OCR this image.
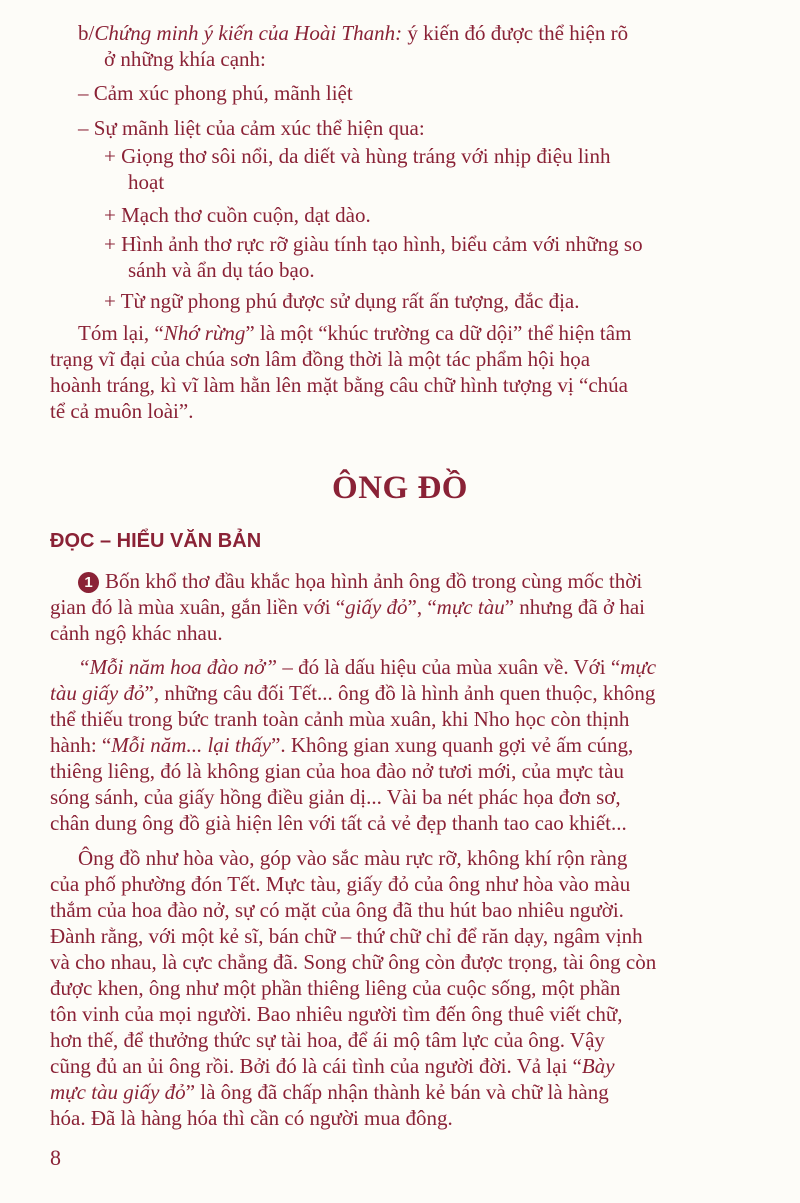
b/Chứng minh ý kiến của Hoài Thanh: ý kiến đó được thể hiện rõ
ở những khía cạnh:
– Cảm xúc phong phú, mãnh liệt
– Sự mãnh liệt của cảm xúc thể hiện qua:
+ Giọng thơ sôi nổi, da diết và hùng tráng với nhịp điệu linh
hoạt
+ Mạch thơ cuồn cuộn, dạt dào.
+ Hình ảnh thơ rực rỡ giàu tính tạo hình, biểu cảm với những so
sánh và ẩn dụ táo bạo.
+ Từ ngữ phong phú được sử dụng rất ấn tượng, đắc địa.
Tóm lại, “Nhớ rừng” là một “khúc trường ca dữ dội” thể hiện tâm
trạng vĩ đại của chúa sơn lâm đồng thời là một tác phẩm hội họa
hoành tráng, kì vĩ làm hằn lên mặt bằng câu chữ hình tượng vị “chúa
tể cả muôn loài”.
ÔNG ĐỒ
ĐỌC – HIỂU VĂN BẢN
1 Bốn khổ thơ đầu khắc họa hình ảnh ông đồ trong cùng mốc thời
gian đó là mùa xuân, gắn liền với “giấy đỏ”, “mực tàu” nhưng đã ở hai
cảnh ngộ khác nhau.
“Mỗi năm hoa đào nở” – đó là dấu hiệu của mùa xuân về. Với “mực
tàu giấy đỏ”, những câu đối Tết... ông đồ là hình ảnh quen thuộc, không
thể thiếu trong bức tranh toàn cảnh mùa xuân, khi Nho học còn thịnh
hành: “Mỗi năm... lại thấy”. Không gian xung quanh gợi vẻ ấm cúng,
thiêng liêng, đó là không gian của hoa đào nở tươi mới, của mực tàu
sóng sánh, của giấy hồng điều giản dị... Vài ba nét phác họa đơn sơ,
chân dung ông đồ già hiện lên với tất cả vẻ đẹp thanh tao cao khiết...
Ông đồ như hòa vào, góp vào sắc màu rực rỡ, không khí rộn ràng
của phố phường đón Tết. Mực tàu, giấy đỏ của ông như hòa vào màu
thắm của hoa đào nở, sự có mặt của ông đã thu hút bao nhiêu người.
Đành rằng, với một kẻ sĩ, bán chữ – thứ chữ chỉ để răn dạy, ngâm vịnh
và cho nhau, là cực chẳng đã. Song chữ ông còn được trọng, tài ông còn
được khen, ông như một phần thiêng liêng của cuộc sống, một phần
tôn vinh của mọi người. Bao nhiêu người tìm đến ông thuê viết chữ,
hơn thế, để thưởng thức sự tài hoa, để ái mộ tâm lực của ông. Vậy
cũng đủ an ủi ông rồi. Bởi đó là cái tình của người đời. Vả lại “Bày
mực tàu giấy đỏ” là ông đã chấp nhận thành kẻ bán và chữ là hàng
hóa. Đã là hàng hóa thì cần có người mua đông.
8
